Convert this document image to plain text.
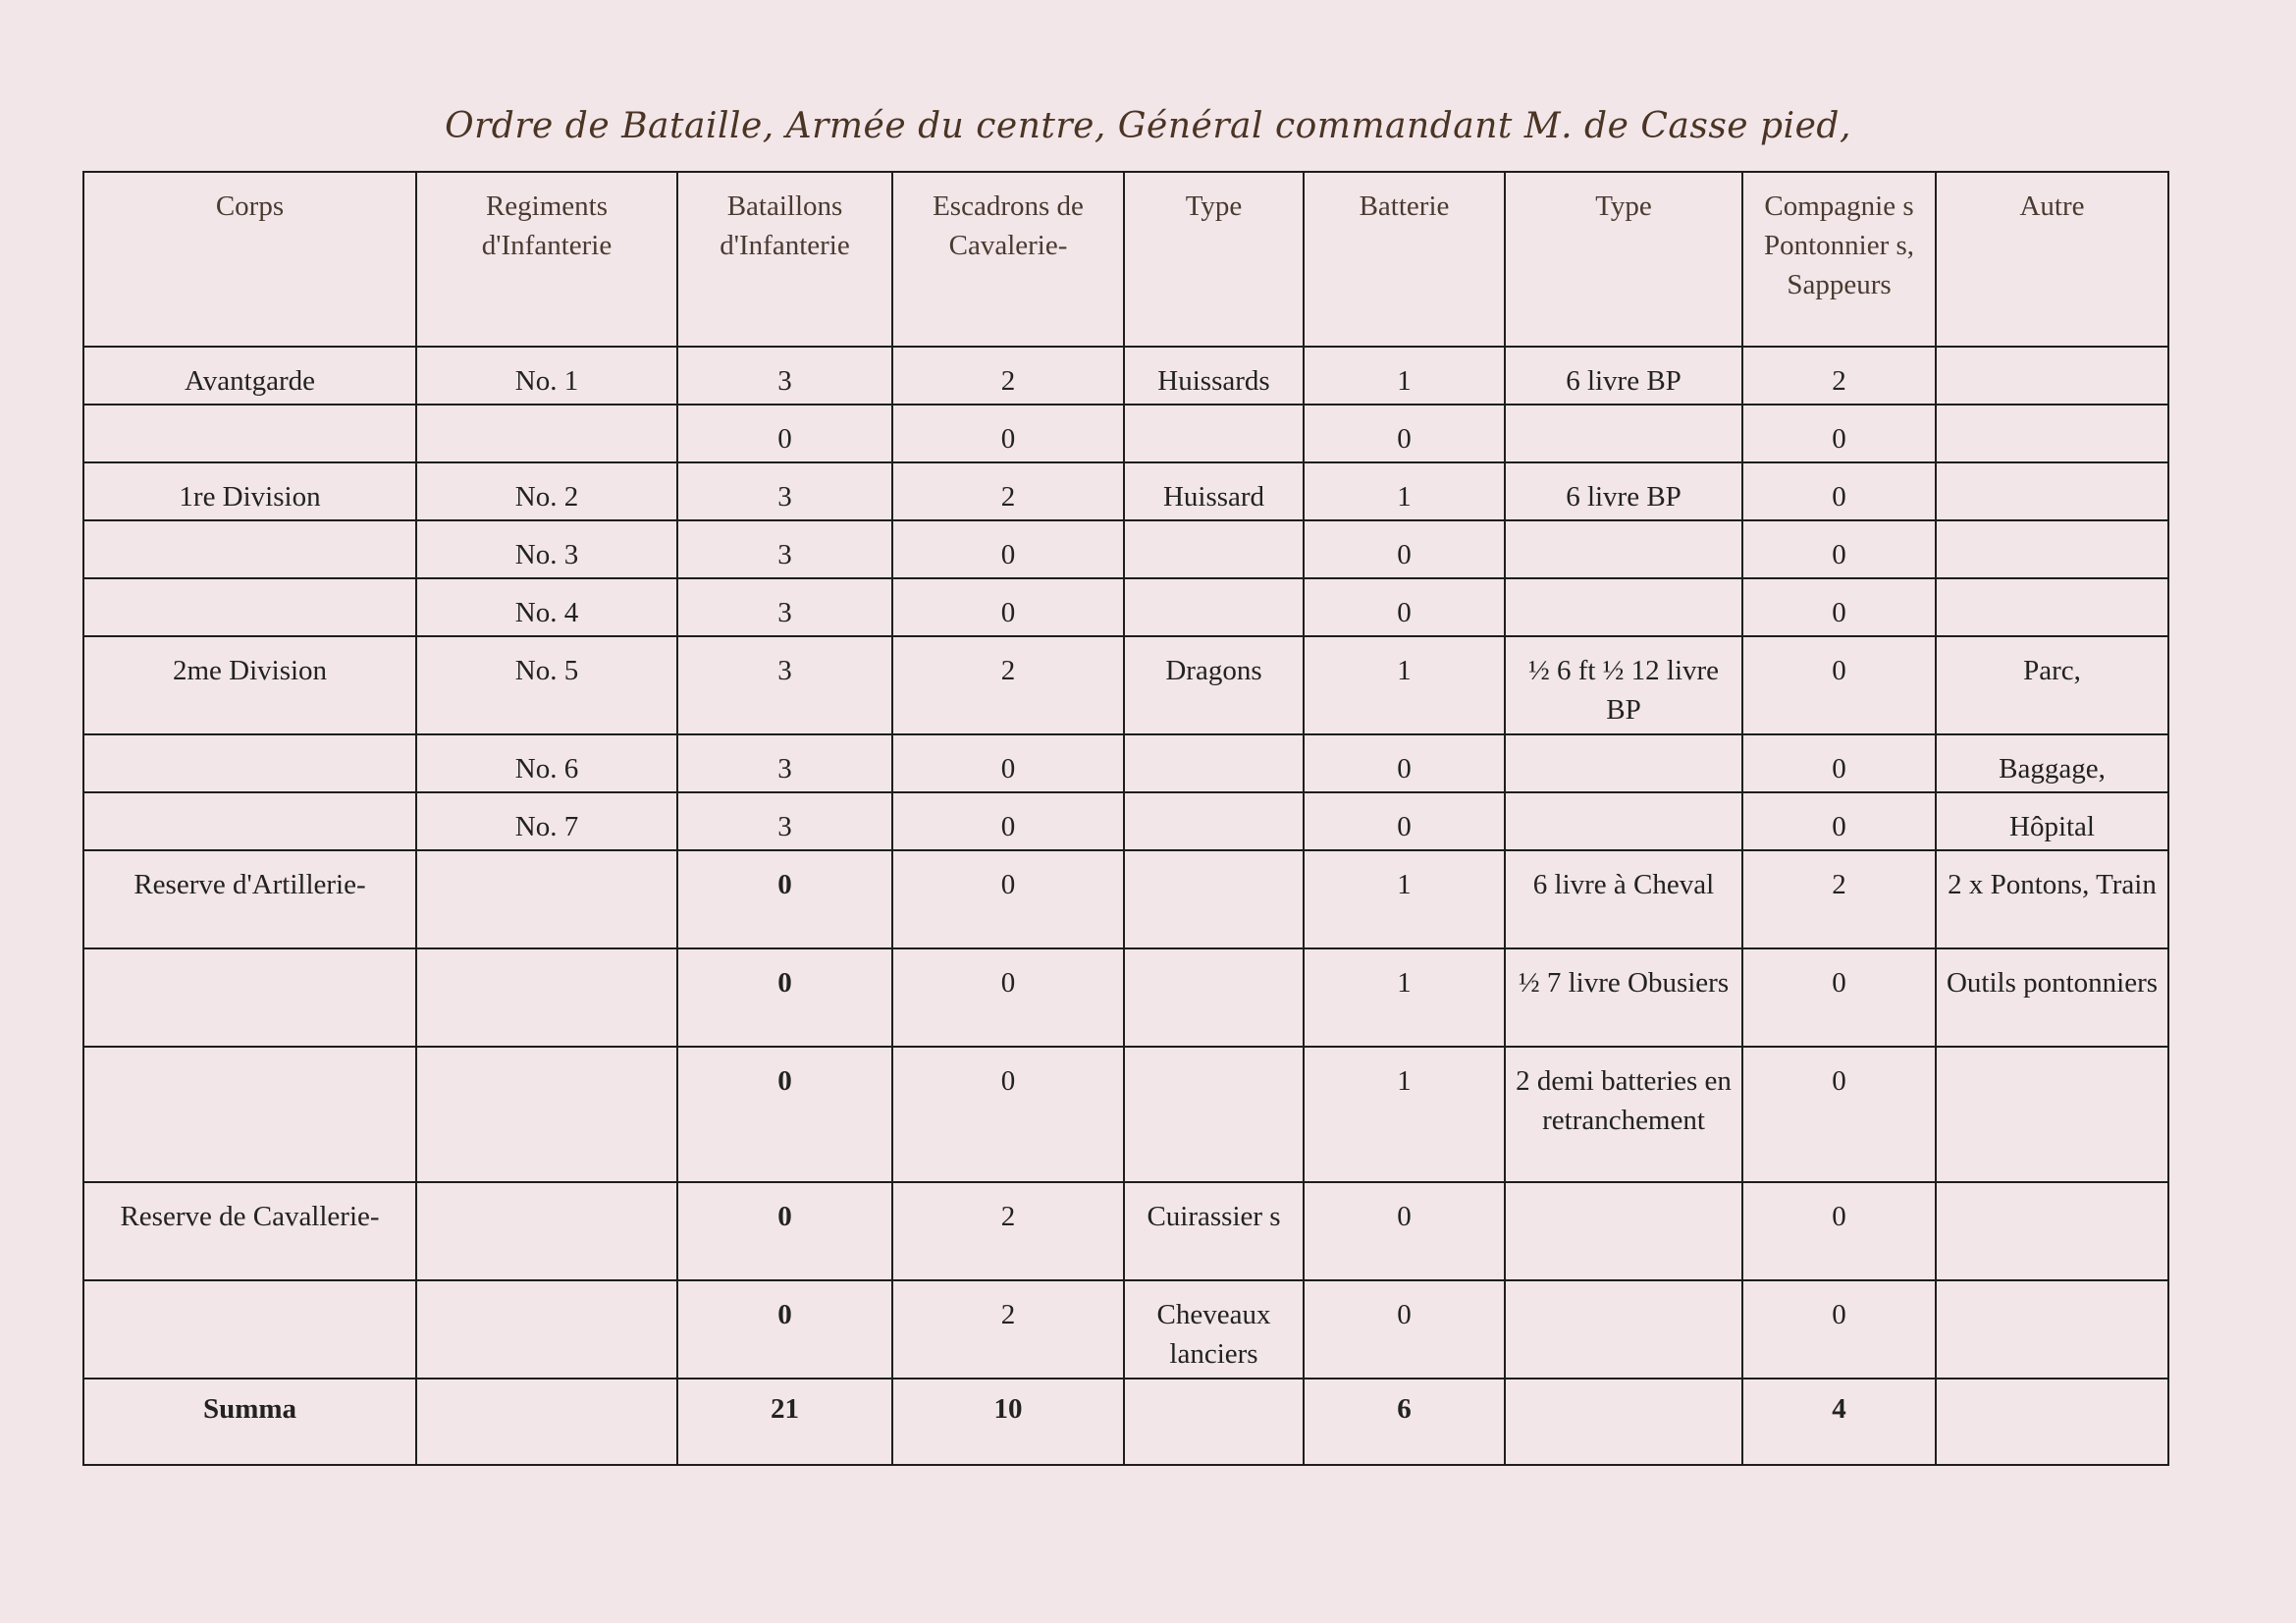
Ordre de Bataille, Armée du centre, Général commandant M. de Casse pied,
Corps	Regiments d'Infanterie	Bataillons d'Infanterie	Escadrons de Cavalerie-	Type	Batterie	Type	Compagnie s Pontonnier s, Sappeurs	Autre
Avantgarde	No. 1	3	2	Huissards	1	6 livre BP	2	
		0	0		0		0	
1re Division	No. 2	3	2	Huissard	1	6 livre BP	0	
	No. 3	3	0		0		0	
	No. 4	3	0		0		0	
2me Division	No. 5	3	2	Dragons	1	½ 6 ft ½ 12 livre BP	0	Parc,
	No. 6	3	0		0		0	Baggage,
	No. 7	3	0		0		0	Hôpital
Reserve d'Artillerie-		0	0		1	6 livre à Cheval	2	2 x Pontons, Train
		0	0		1	½ 7 livre Obusiers	0	Outils pontonniers
		0	0		1	2 demi batteries en retranchement	0	
Reserve de Cavallerie-		0	2	Cuirassier s	0		0	
		0	2	Cheveaux lanciers	0		0	
Summa		21	10		6		4	
